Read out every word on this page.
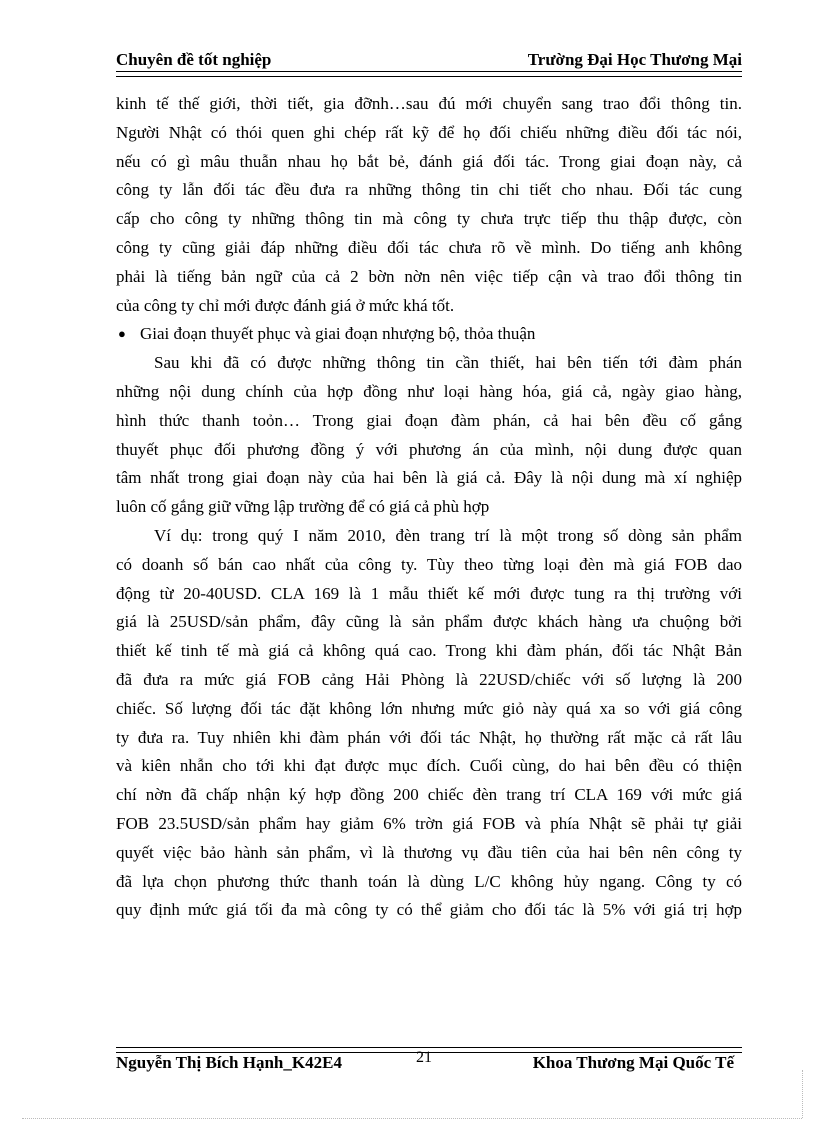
Chuyên đề tốt nghiệp	Trường Đại Học Thương Mại
kinh tế thế giới, thời tiết, gia đỡnh…sau đú mới chuyển sang trao đổi thông tin.
Người Nhật có thói quen ghi chép rất kỹ để họ đối chiếu những điều đối tác nói,
nếu có gì mâu thuẫn nhau họ bắt bẻ, đánh giá đối tác. Trong giai đoạn này, cả
công ty lẫn đối tác đều đưa ra những thông tin chi tiết cho nhau. Đối tác cung
cấp cho công ty những thông tin mà công ty chưa trực tiếp thu thập được, còn
công ty cũng giải đáp những điều đối tác chưa rõ về mình. Do tiếng anh không
phải là tiếng bản ngữ của cả 2 bờn nờn nên việc tiếp cận và trao đổi thông tin
của công ty chỉ mới được đánh giá ở mức khá tốt.
● Giai đoạn thuyết phục và giai đoạn nhượng bộ, thỏa thuận
Sau khi đã có được những thông tin cần thiết, hai bên tiến tới đàm phán
những nội dung chính của hợp đồng như loại hàng hóa, giá cả, ngày giao hàng,
hình thức thanh toỏn… Trong giai đoạn đàm phán, cả hai bên đều cố gắng
thuyết phục đối phương đồng ý với phương án của mình, nội dung được quan
tâm nhất trong giai đoạn này của hai bên là giá cả. Đây là nội dung mà xí nghiệp
luôn cố gắng giữ vững lập trường để có giá cả phù hợp
Ví dụ: trong quý I năm 2010, đèn trang trí là một trong số dòng sản phẩm
có doanh số bán cao nhất của công ty. Tùy theo từng loại đèn mà giá FOB dao
động từ 20-40USD. CLA 169 là 1 mẫu thiết kế mới được tung ra thị trường với
giá là 25USD/sản phẩm, đây cũng là sản phẩm được khách hàng ưa chuộng bởi
thiết kế tinh tế mà giá cả không quá cao. Trong khi đàm phán, đối tác Nhật Bản
đã đưa ra mức giá FOB cảng Hải Phòng là 22USD/chiếc với số lượng là 200
chiếc. Số lượng đối tác đặt không lớn nhưng mức giỏ này quá xa so với giá công
ty đưa ra. Tuy nhiên khi đàm phán với đối tác Nhật, họ thường rất mặc cả rất lâu
và kiên nhẫn cho tới khi đạt được mục đích. Cuối cùng, do hai bên đều có thiện
chí nờn đã chấp nhận ký hợp đồng 200 chiếc đèn trang trí CLA 169 với mức giá
FOB 23.5USD/sản phẩm hay giảm 6% trờn giá FOB và phía Nhật sẽ phải tự giải
quyết việc bảo hành sản phẩm, vì là thương vụ đầu tiên của hai bên nên công ty
đã lựa chọn phương thức thanh toán là dùng L/C không hủy ngang. Công ty có
quy định mức giá tối đa mà công ty có thể giảm cho đối tác là 5% với giá trị hợp
Nguyễn Thị Bích Hạnh_K42E4	21	Khoa Thương Mại Quốc Tế
